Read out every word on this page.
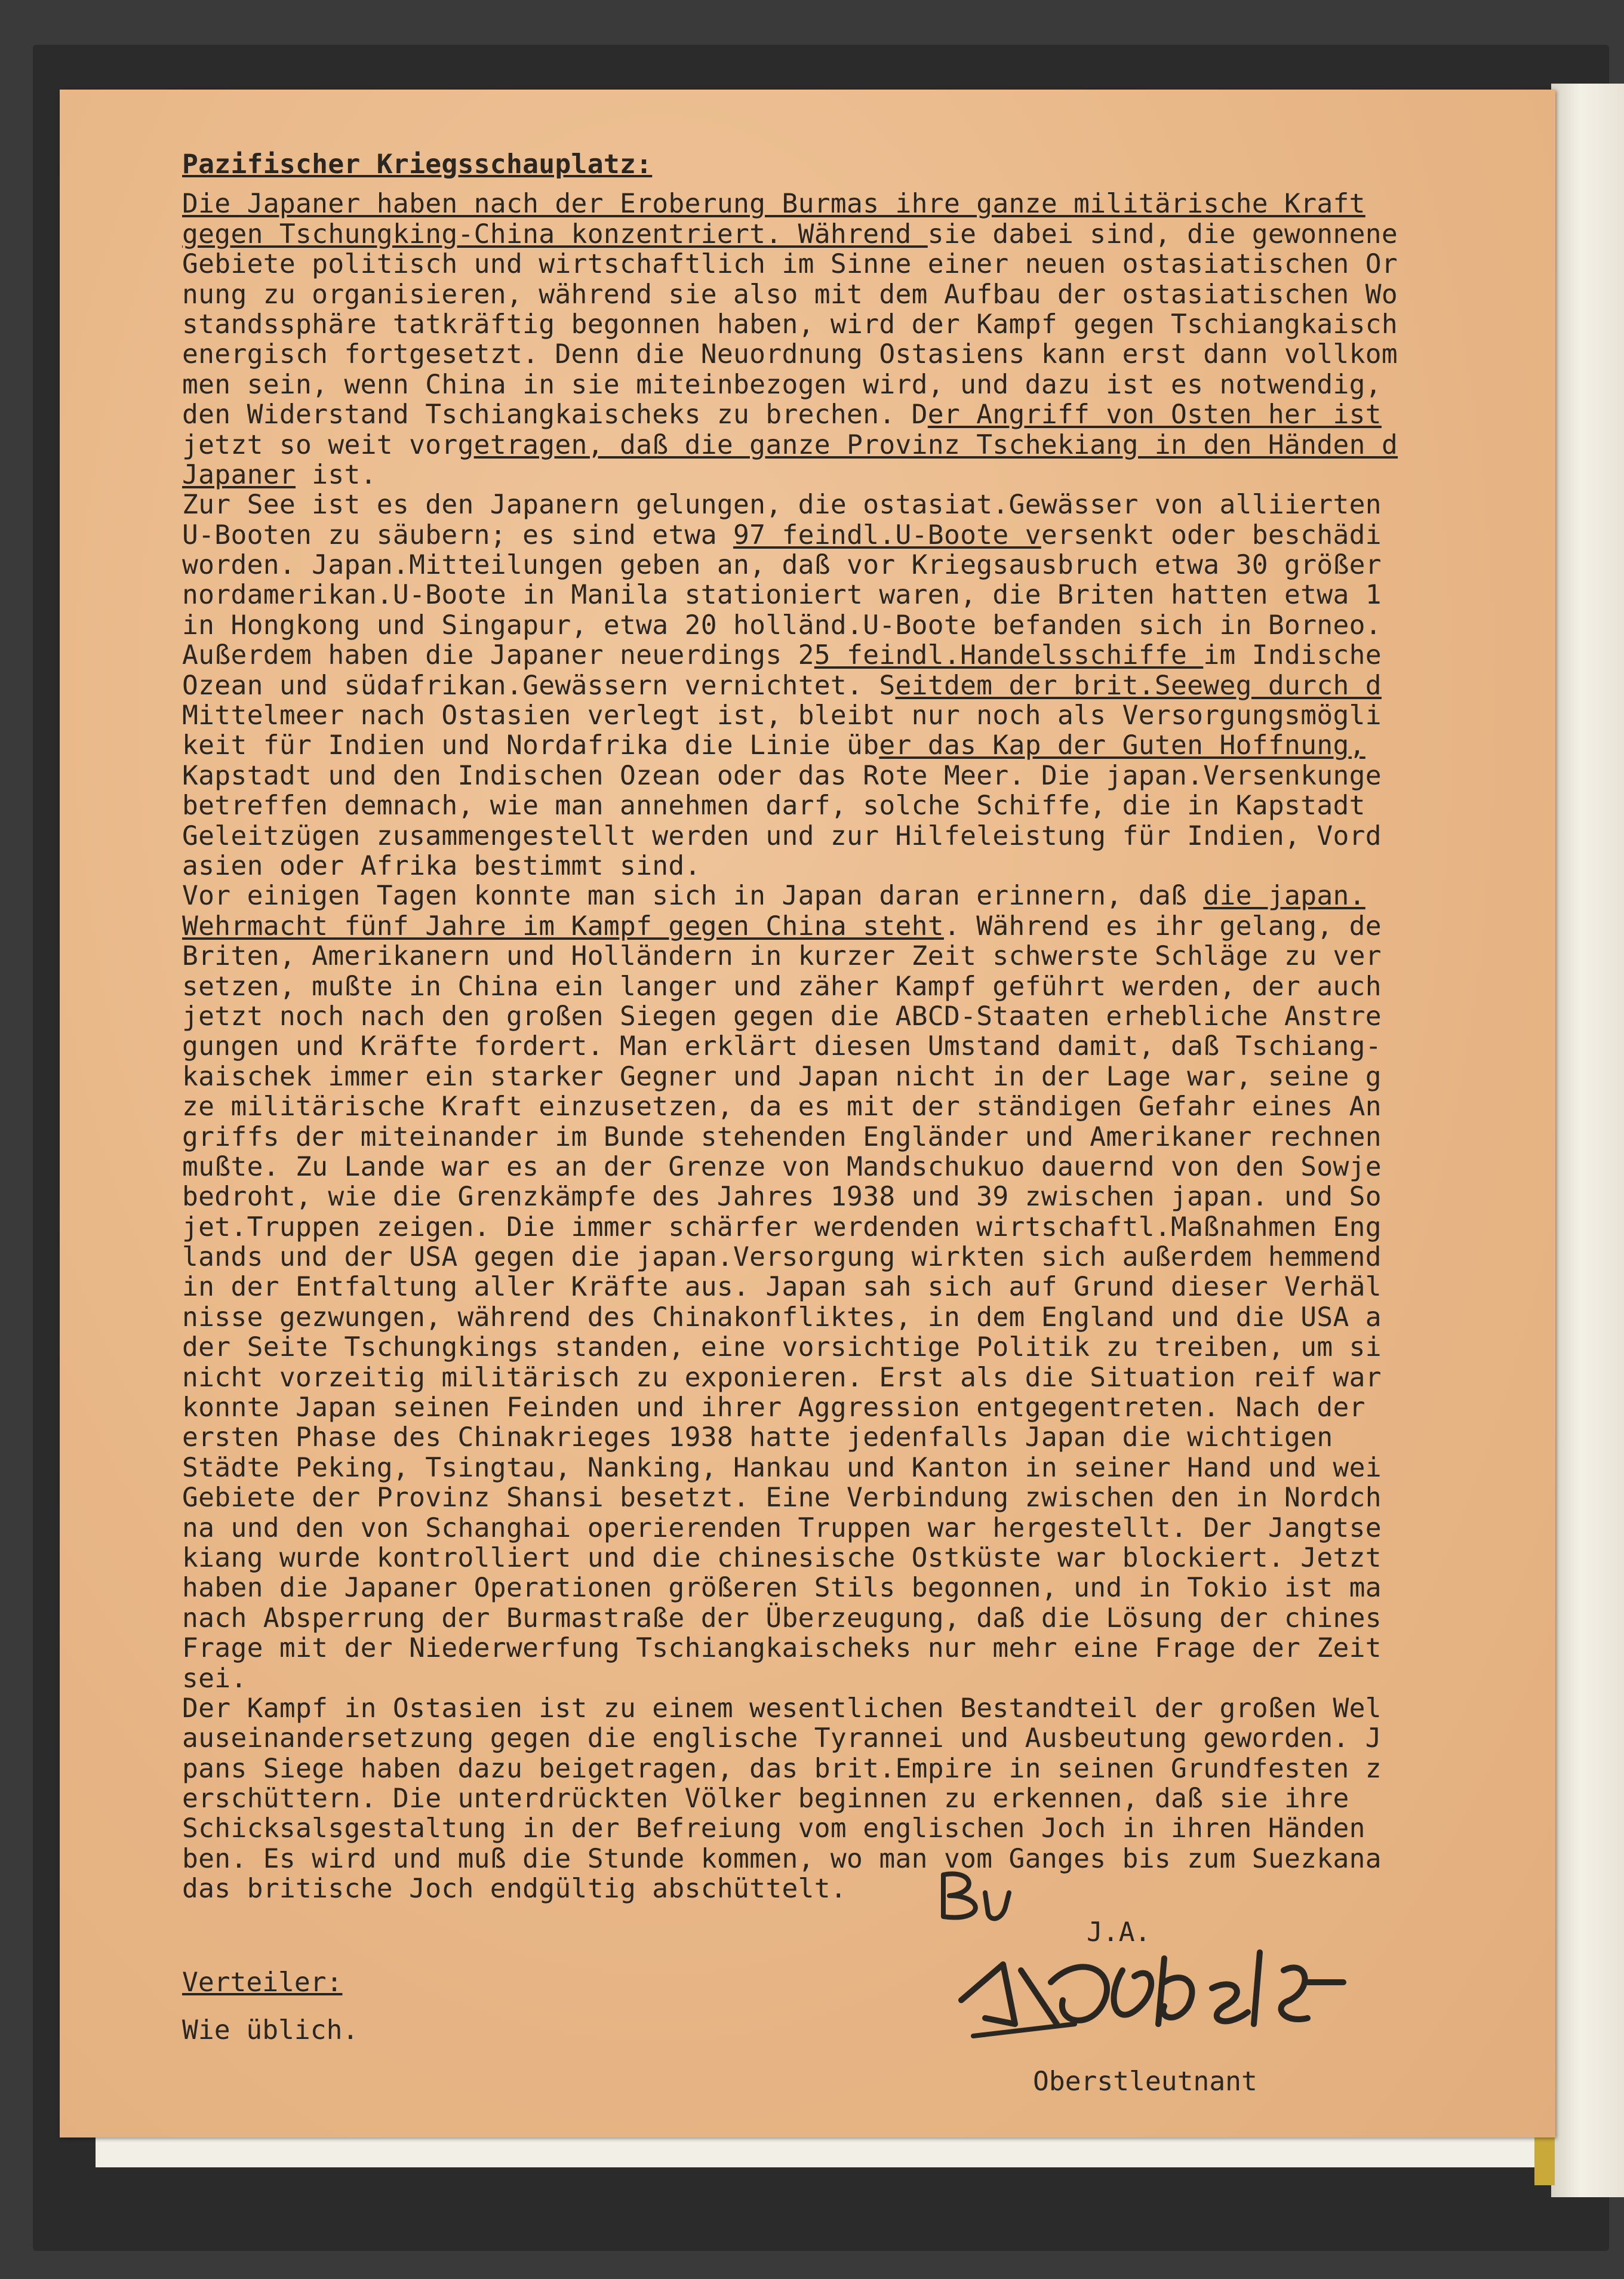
Pazifischer Kriegsschauplatz:
Die Japaner haben nach der Eroberung Burmas ihre ganze militärische Kraft
gegen Tschungking-China konzentriert. Während sie dabei sind, die gewonnene
Gebiete politisch und wirtschaftlich im Sinne einer neuen ostasiatischen Or
nung zu organisieren, während sie also mit dem Aufbau der ostasiatischen Wo
standssphäre tatkräftig begonnen haben, wird der Kampf gegen Tschiangkaisch
energisch fortgesetzt. Denn die Neuordnung Ostasiens kann erst dann vollkom
men sein, wenn China in sie miteinbezogen wird, und dazu ist es notwendig,
den Widerstand Tschiangkaischeks zu brechen. Der Angriff von Osten her ist
jetzt so weit vorgetragen, daß die ganze Provinz Tschekiang in den Händen d
Japaner ist.
Zur See ist es den Japanern gelungen, die ostasiat.Gewässer von alliierten
U-Booten zu säubern; es sind etwa 97 feindl.U-Boote versenkt oder beschädi
worden. Japan.Mitteilungen geben an, daß vor Kriegsausbruch etwa 30 größer
nordamerikan.U-Boote in Manila stationiert waren, die Briten hatten etwa 1
in Hongkong und Singapur, etwa 20 holländ.U-Boote befanden sich in Borneo.
Außerdem haben die Japaner neuerdings 25 feindl.Handelsschiffe im Indische
Ozean und südafrikan.Gewässern vernichtet. Seitdem der brit.Seeweg durch d
Mittelmeer nach Ostasien verlegt ist, bleibt nur noch als Versorgungsmögli
keit für Indien und Nordafrika die Linie über das Kap der Guten Hoffnung,
Kapstadt und den Indischen Ozean oder das Rote Meer. Die japan.Versenkunge
betreffen demnach, wie man annehmen darf, solche Schiffe, die in Kapstadt
Geleitzügen zusammengestellt werden und zur Hilfeleistung für Indien, Vord
asien oder Afrika bestimmt sind.
Vor einigen Tagen konnte man sich in Japan daran erinnern, daß die japan.
Wehrmacht fünf Jahre im Kampf gegen China steht. Während es ihr gelang, de
Briten, Amerikanern und Holländern in kurzer Zeit schwerste Schläge zu ver
setzen, mußte in China ein langer und zäher Kampf geführt werden, der auch
jetzt noch nach den großen Siegen gegen die ABCD-Staaten erhebliche Anstre
gungen und Kräfte fordert. Man erklärt diesen Umstand damit, daß Tschiang-
kaischek immer ein starker Gegner und Japan nicht in der Lage war, seine g
ze militärische Kraft einzusetzen, da es mit der ständigen Gefahr eines An
griffs der miteinander im Bunde stehenden Engländer und Amerikaner rechnen
mußte. Zu Lande war es an der Grenze von Mandschukuo dauernd von den Sowje
bedroht, wie die Grenzkämpfe des Jahres 1938 und 39 zwischen japan. und So
jet.Truppen zeigen. Die immer schärfer werdenden wirtschaftl.Maßnahmen Eng
lands und der USA gegen die japan.Versorgung wirkten sich außerdem hemmend
in der Entfaltung aller Kräfte aus. Japan sah sich auf Grund dieser Verhäl
nisse gezwungen, während des Chinakonfliktes, in dem England und die USA a
der Seite Tschungkings standen, eine vorsichtige Politik zu treiben, um si
nicht vorzeitig militärisch zu exponieren. Erst als die Situation reif war
konnte Japan seinen Feinden und ihrer Aggression entgegentreten. Nach der
ersten Phase des Chinakrieges 1938 hatte jedenfalls Japan die wichtigen
Städte Peking, Tsingtau, Nanking, Hankau und Kanton in seiner Hand und wei
Gebiete der Provinz Shansi besetzt. Eine Verbindung zwischen den in Nordch
na und den von Schanghai operierenden Truppen war hergestellt. Der Jangtse
kiang wurde kontrolliert und die chinesische Ostküste war blockiert. Jetzt
haben die Japaner Operationen größeren Stils begonnen, und in Tokio ist ma
nach Absperrung der Burmastraße der Überzeugung, daß die Lösung der chines
Frage mit der Niederwerfung Tschiangkaischeks nur mehr eine Frage der Zeit
sei.
Der Kampf in Ostasien ist zu einem wesentlichen Bestandteil der großen Wel
auseinandersetzung gegen die englische Tyrannei und Ausbeutung geworden. J
pans Siege haben dazu beigetragen, das brit.Empire in seinen Grundfesten z
erschüttern. Die unterdrückten Völker beginnen zu erkennen, daß sie ihre
Schicksalsgestaltung in der Befreiung vom englischen Joch in ihren Händen
ben. Es wird und muß die Stunde kommen, wo man vom Ganges bis zum Suezkana
das britische Joch endgültig abschüttelt.
Verteiler:
Wie üblich.
J.A.
Oberstleutnant
